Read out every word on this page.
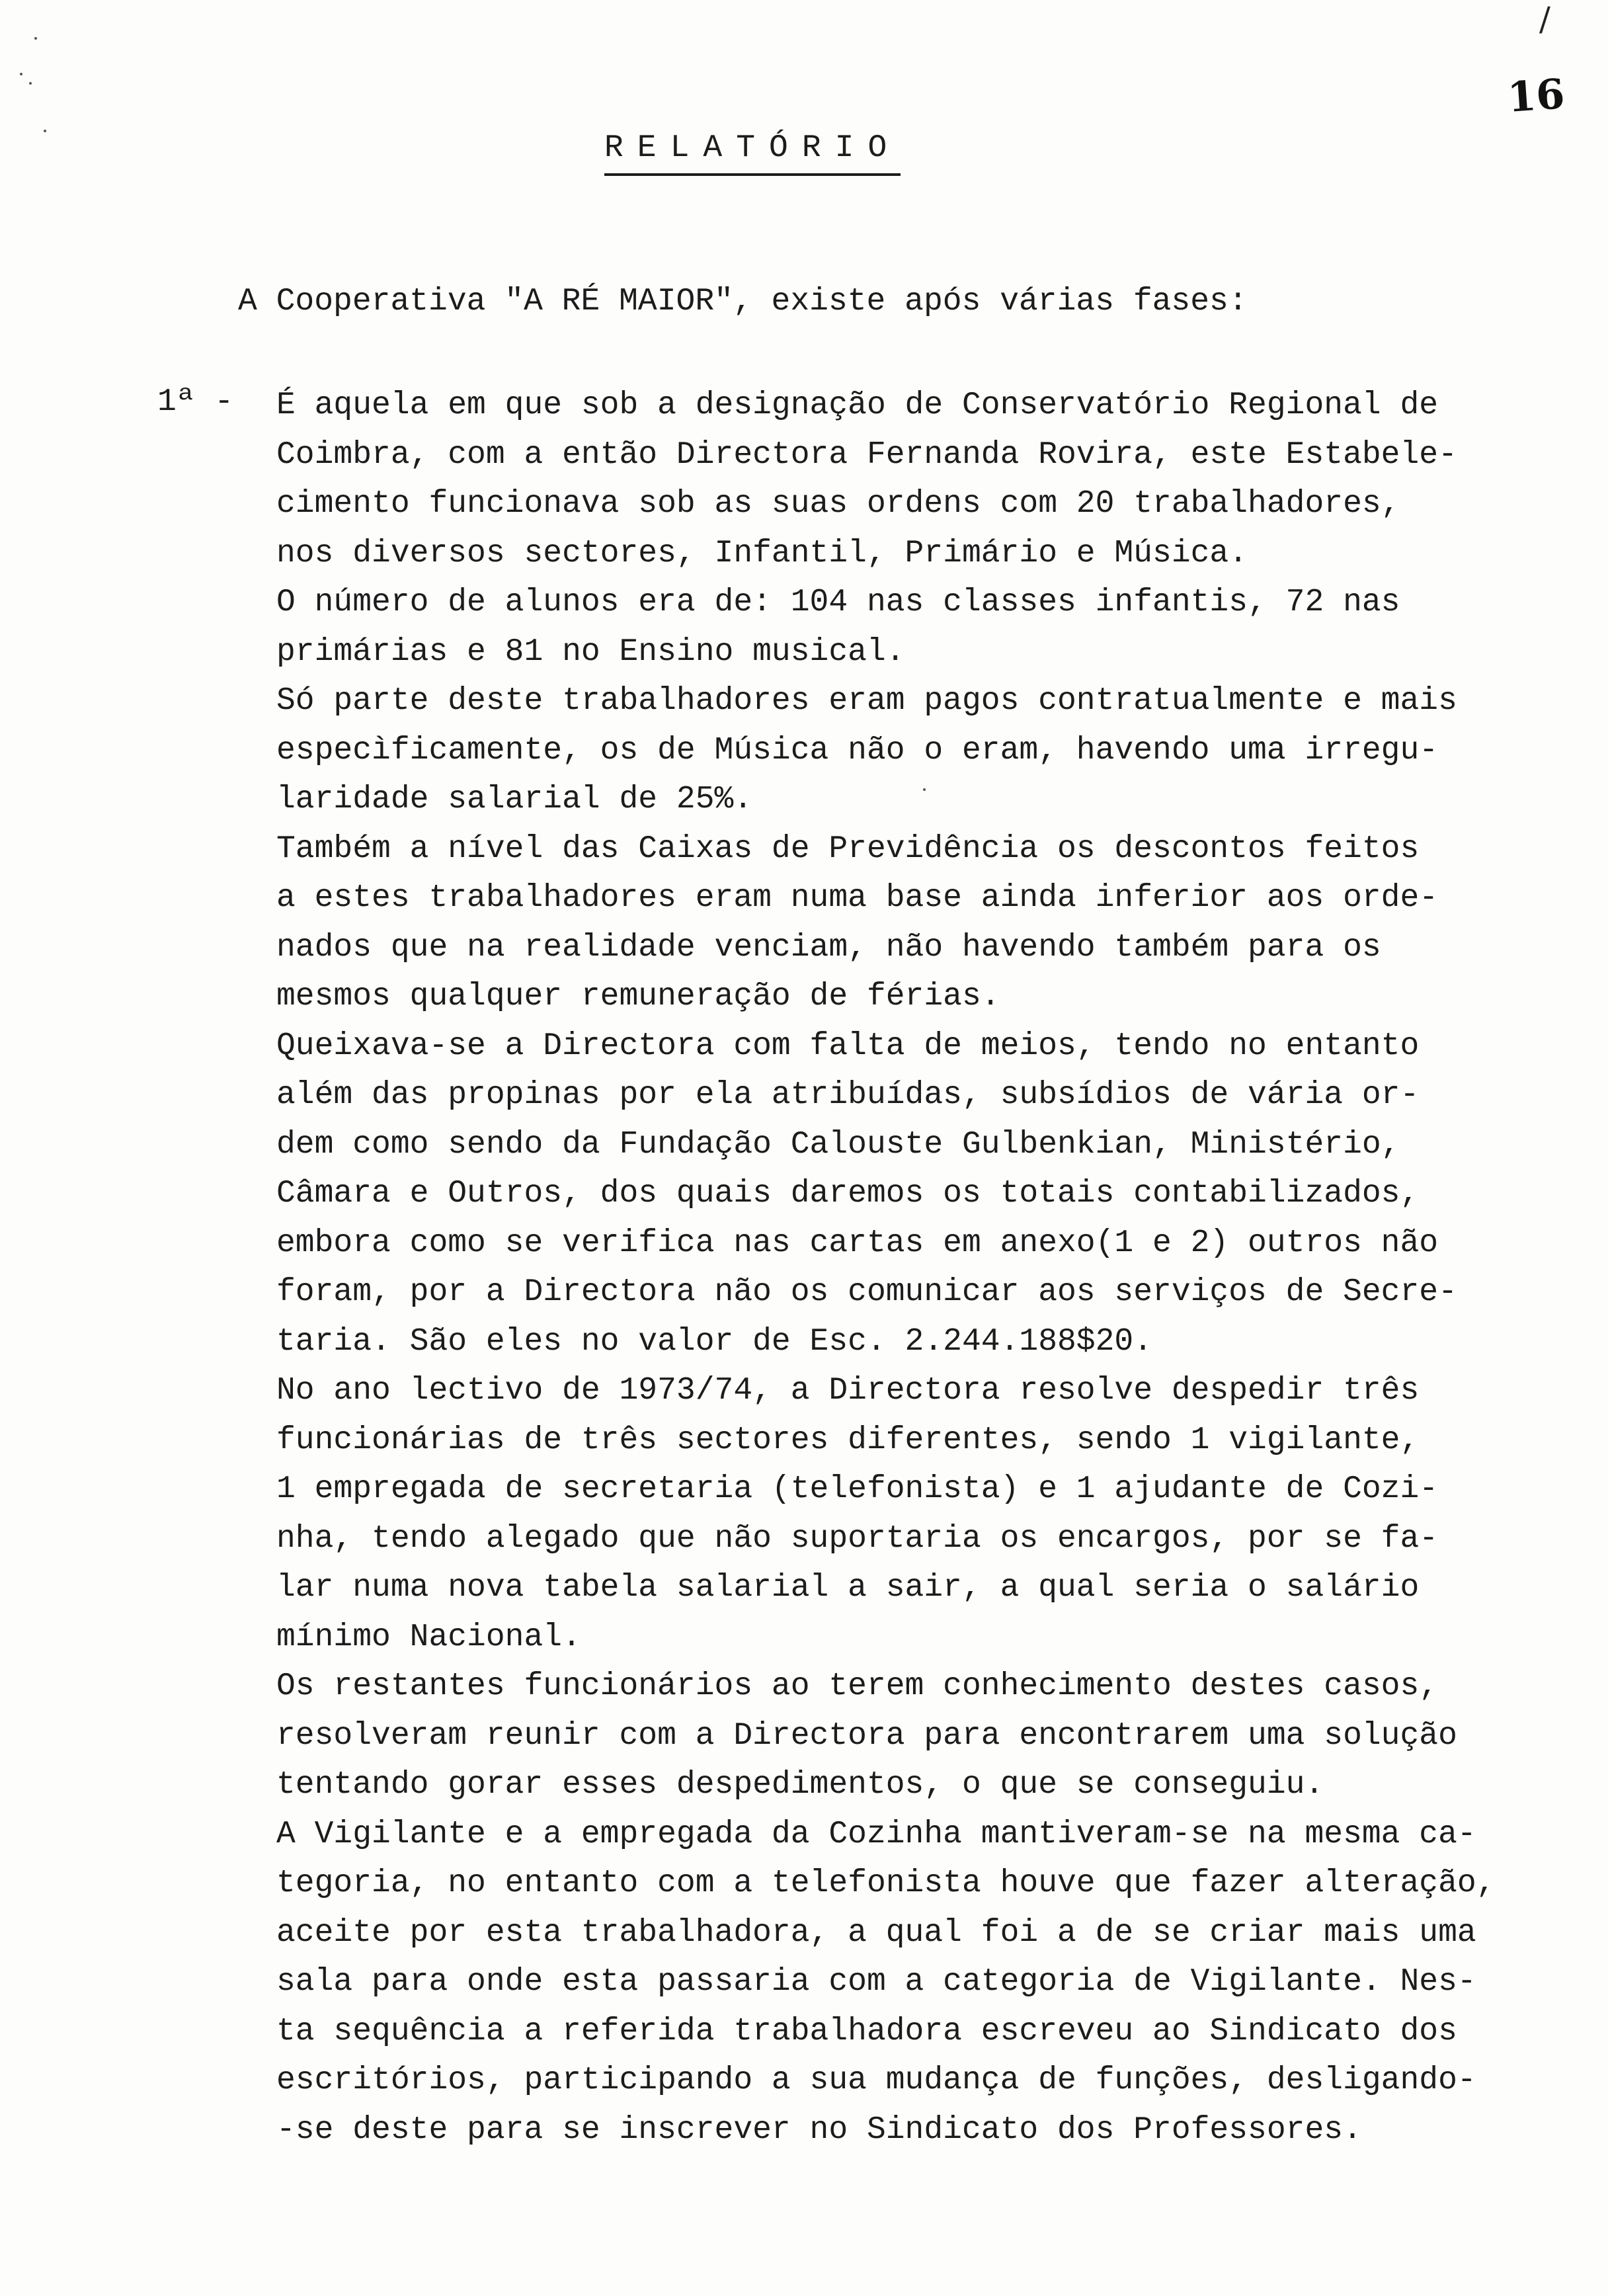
/
16
RELATÓRIO
A Cooperativa "A RÉ MAIOR", existe após várias fases:
1ª - É aquela em que sob a designação de Conservatório Regional de
Coimbra, com a então Directora Fernanda Rovira, este Estabele-
cimento funcionava sob as suas ordens com 20 trabalhadores,
nos diversos sectores, Infantil, Primário e Música.
O número de alunos era de: 104 nas classes infantis, 72 nas
primárias e 81 no Ensino musical.
Só parte deste trabalhadores eram pagos contratualmente e mais
especìficamente, os de Música não o eram, havendo uma irregu-
laridade salarial de 25%.
Também a nível das Caixas de Previdência os descontos feitos
a estes trabalhadores eram numa base ainda inferior aos orde-
nados que na realidade venciam, não havendo também para os
mesmos qualquer remuneração de férias.
Queixava-se a Directora com falta de meios, tendo no entanto
além das propinas por ela atribuídas, subsídios de vária or-
dem como sendo da Fundação Calouste Gulbenkian, Ministério,
Câmara e Outros, dos quais daremos os totais contabilizados,
embora como se verifica nas cartas em anexo(1 e 2) outros não
foram, por a Directora não os comunicar aos serviços de Secre-
taria. São eles no valor de Esc. 2.244.188$20.
No ano lectivo de 1973/74, a Directora resolve despedir três
funcionárias de três sectores diferentes, sendo 1 vigilante,
1 empregada de secretaria (telefonista) e 1 ajudante de Cozi-
nha, tendo alegado que não suportaria os encargos, por se fa-
lar numa nova tabela salarial a sair, a qual seria o salário
mínimo Nacional.
Os restantes funcionários ao terem conhecimento destes casos,
resolveram reunir com a Directora para encontrarem uma solução
tentando gorar esses despedimentos, o que se conseguiu.
A Vigilante e a empregada da Cozinha mantiveram-se na mesma ca-
tegoria, no entanto com a telefonista houve que fazer alteração,
aceite por esta trabalhadora, a qual foi a de se criar mais uma
sala para onde esta passaria com a categoria de Vigilante. Nes-
ta sequência a referida trabalhadora escreveu ao Sindicato dos
escritórios, participando a sua mudança de funções, desligando-
-se deste para se inscrever no Sindicato dos Professores.
